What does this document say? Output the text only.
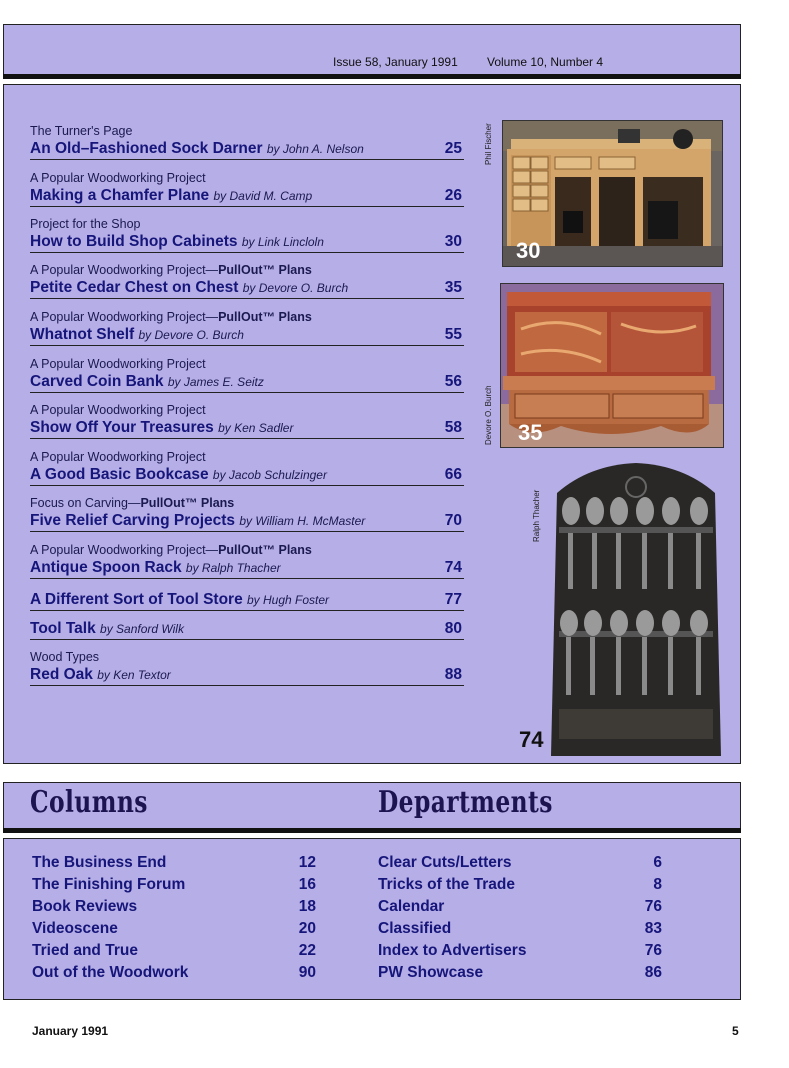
Issue 58, January 1991 Volume 10, Number 4
The Turner's Page
An Old–Fashioned Sock Darner by John A. Nelson	25
A Popular Woodworking Project
Making a Chamfer Plane by David M. Camp	26
Project for the Shop
How to Build Shop Cabinets by Link Lincloln	30
A Popular Woodworking Project—PullOut™ Plans
Petite Cedar Chest on Chest by Devore O. Burch	35
A Popular Woodworking Project—PullOut™ Plans
Whatnot Shelf by Devore O. Burch	55
A Popular Woodworking Project
Carved Coin Bank by James E. Seitz	56
A Popular Woodworking Project
Show Off Your Treasures by Ken Sadler	58
A Popular Woodworking Project
A Good Basic Bookcase by Jacob Schulzinger	66
Focus on Carving—PullOut™ Plans
Five Relief Carving Projects by William H. McMaster	70
A Popular Woodworking Project—PullOut™ Plans
Antique Spoon Rack by Ralph Thacher	74
A Different Sort of Tool Store by Hugh Foster	77
Tool Talk by Sanford Wilk	80
Wood Types
Red Oak by Ken Textor	88
30
Phil Fischer
35
Devore O. Burch
74
Ralph Thacher
Columns	Departments
The Business End	12
The Finishing Forum	16
Book Reviews	18
Videoscene	20
Tried and True	22
Out of the Woodwork	90
Clear Cuts/Letters	6
Tricks of the Trade	8
Calendar	76
Classified	83
Index to Advertisers	76
PW Showcase	86
January 1991	5
